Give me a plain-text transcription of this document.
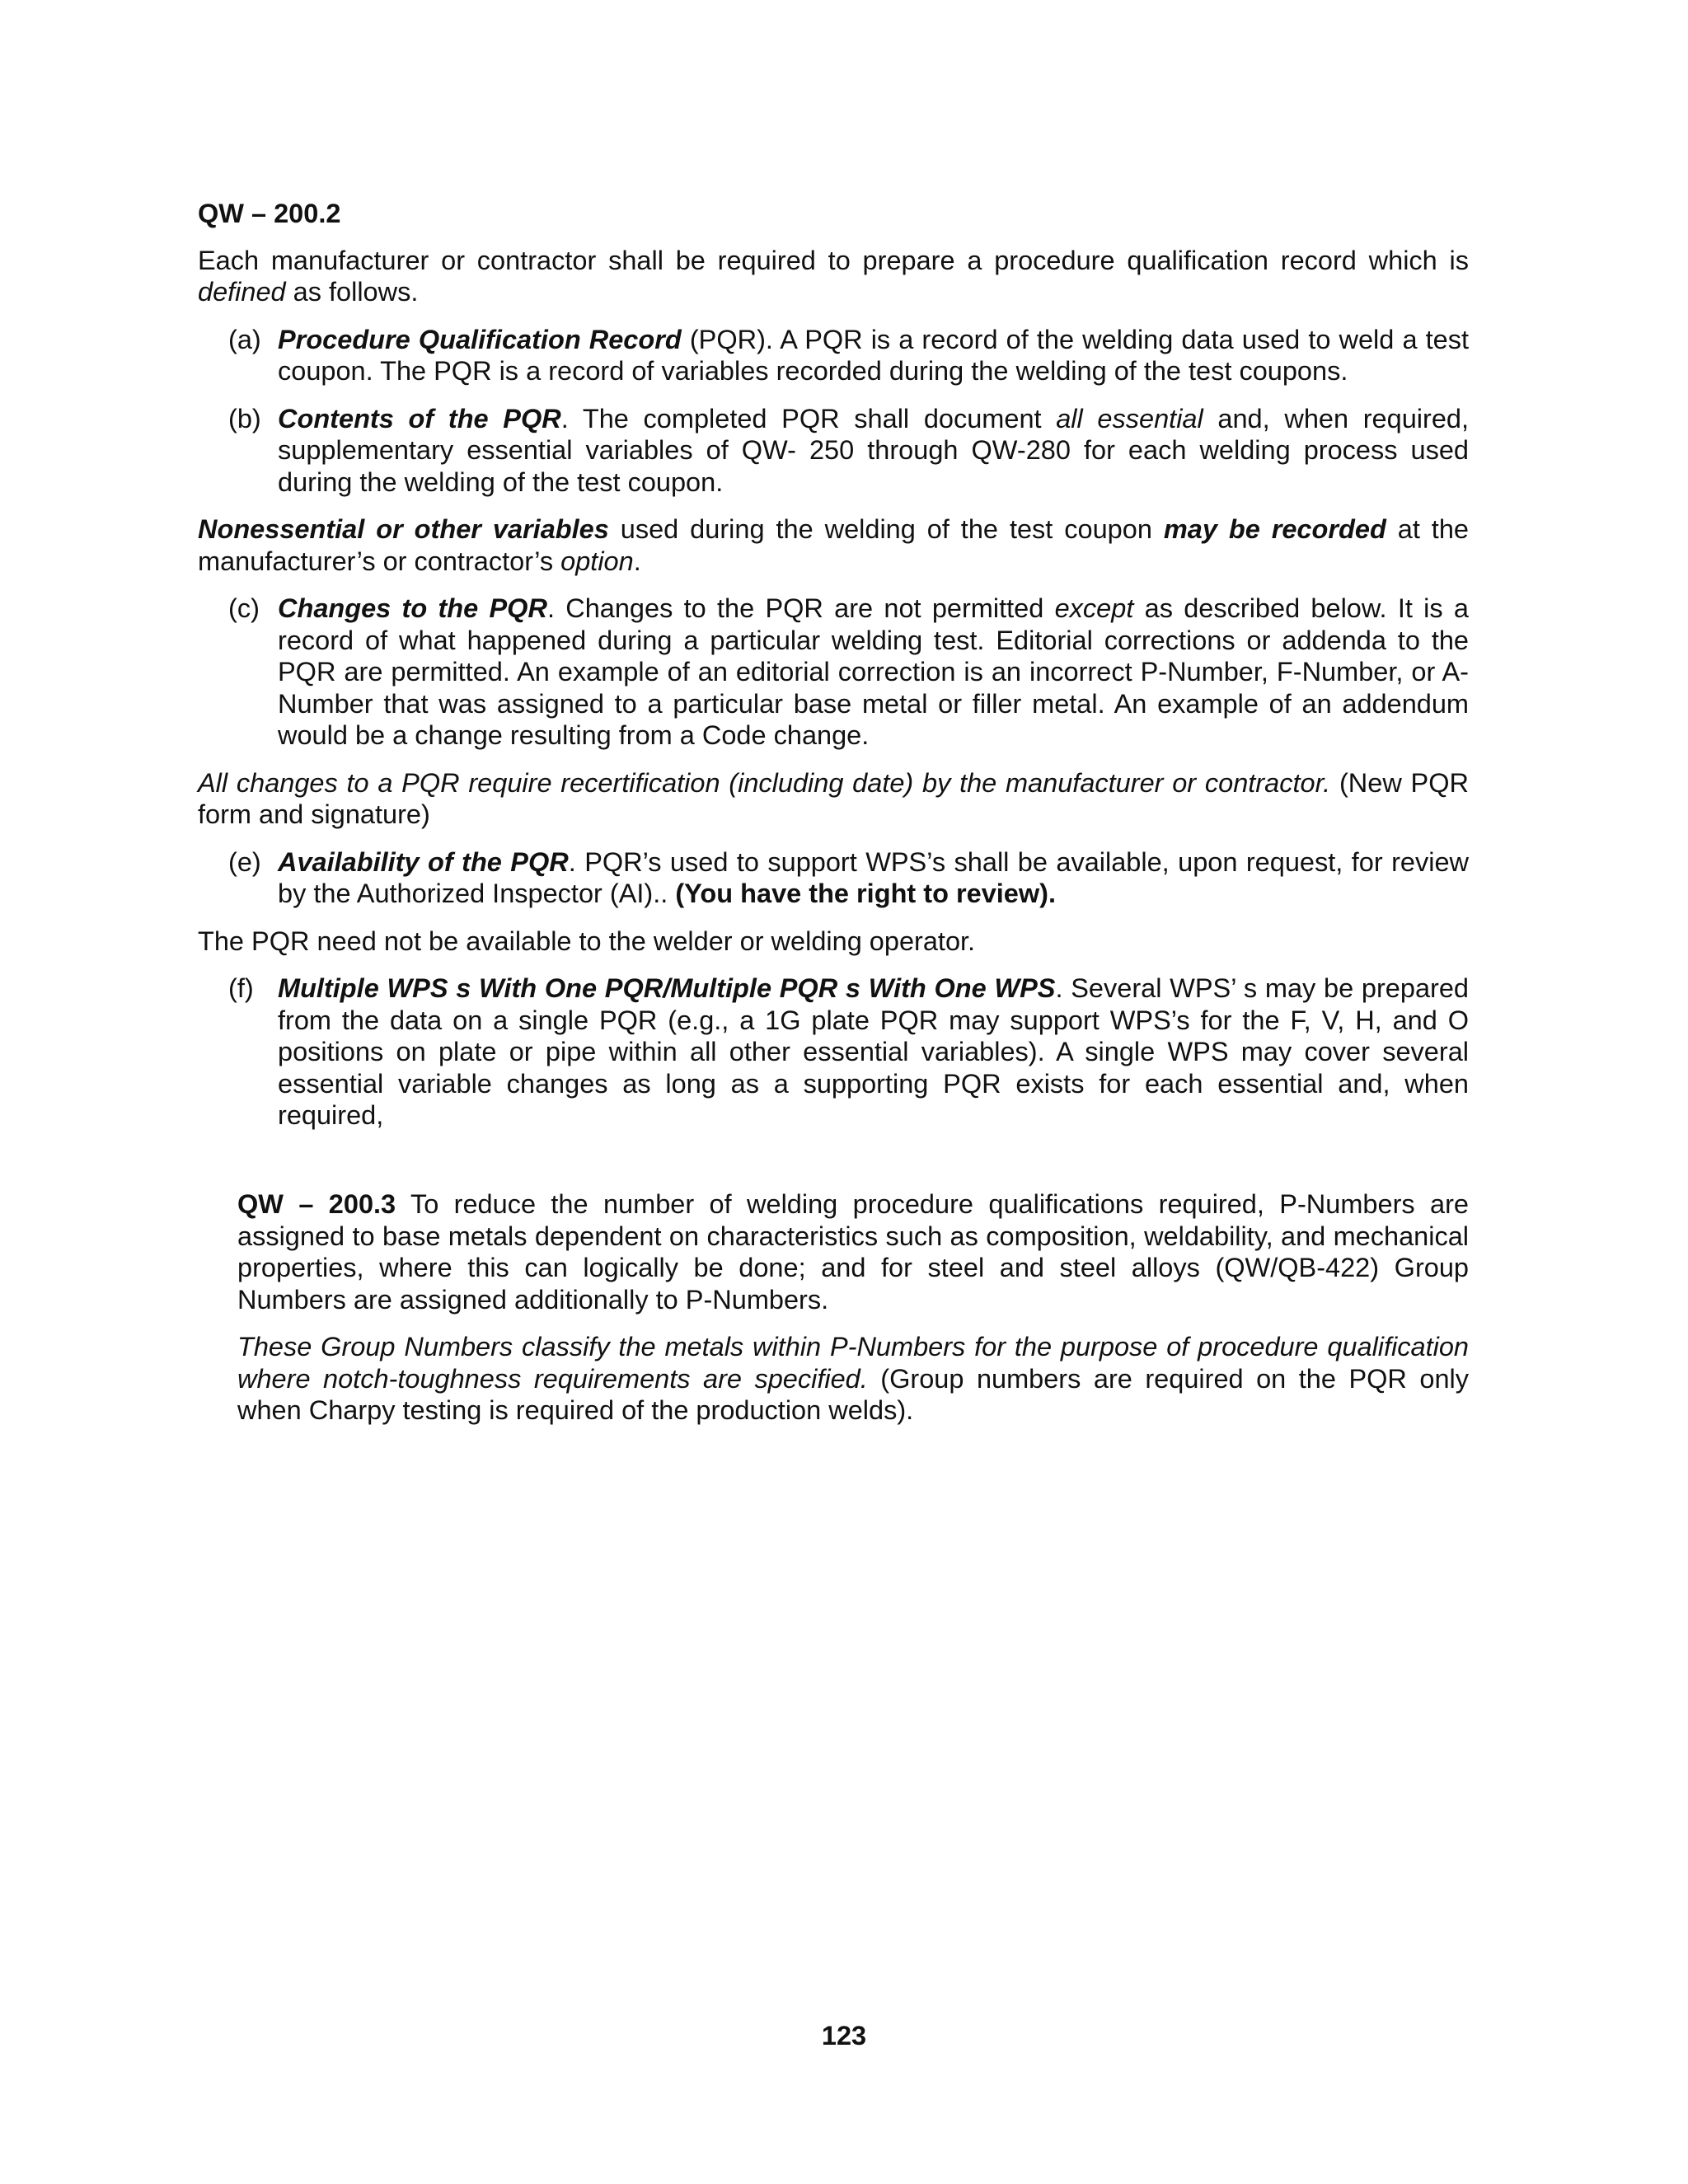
QW – 200.2
Each manufacturer or contractor shall be required to prepare a procedure qualification record which is defined as follows.
(a) Procedure Qualification Record (PQR). A PQR is a record of the welding data used to weld a test coupon. The PQR is a record of variables recorded during the welding of the test coupons.
(b) Contents of the PQR. The completed PQR shall document all essential and, when required, supplementary essential variables of QW- 250 through QW-280 for each welding process used during the welding of the test coupon.
Nonessential or other variables used during the welding of the test coupon may be recorded at the manufacturer’s or contractor’s option.
(c) Changes to the PQR. Changes to the PQR are not permitted except as described below. It is a record of what happened during a particular welding test. Editorial corrections or addenda to the PQR are permitted. An example of an editorial correction is an incorrect P-Number, F-Number, or A-Number that was assigned to a particular base metal or filler metal. An example of an addendum would be a change resulting from a Code change.
All changes to a PQR require recertification (including date) by the manufacturer or contractor. (New PQR form and signature)
(e) Availability of the PQR. PQR’s used to support WPS’s shall be available, upon request, for review by the Authorized Inspector (AI).. (You have the right to review).
The PQR need not be available to the welder or welding operator.
(f) Multiple WPS s With One PQR/Multiple PQR s With One WPS. Several WPS’ s may be prepared from the data on a single PQR (e.g., a 1G plate PQR may support WPS’s for the F, V, H, and O positions on plate or pipe within all other essential variables). A single WPS may cover several essential variable changes as long as a supporting PQR exists for each essential and, when required,
QW – 200.3 To reduce the number of welding procedure qualifications required, P-Numbers are assigned to base metals dependent on characteristics such as composition, weldability, and mechanical properties, where this can logically be done; and for steel and steel alloys (QW/QB-422) Group Numbers are assigned additionally to P-Numbers.
These Group Numbers classify the metals within P-Numbers for the purpose of procedure qualification where notch-toughness requirements are specified. (Group numbers are required on the PQR only when Charpy testing is required of the production welds).
123
